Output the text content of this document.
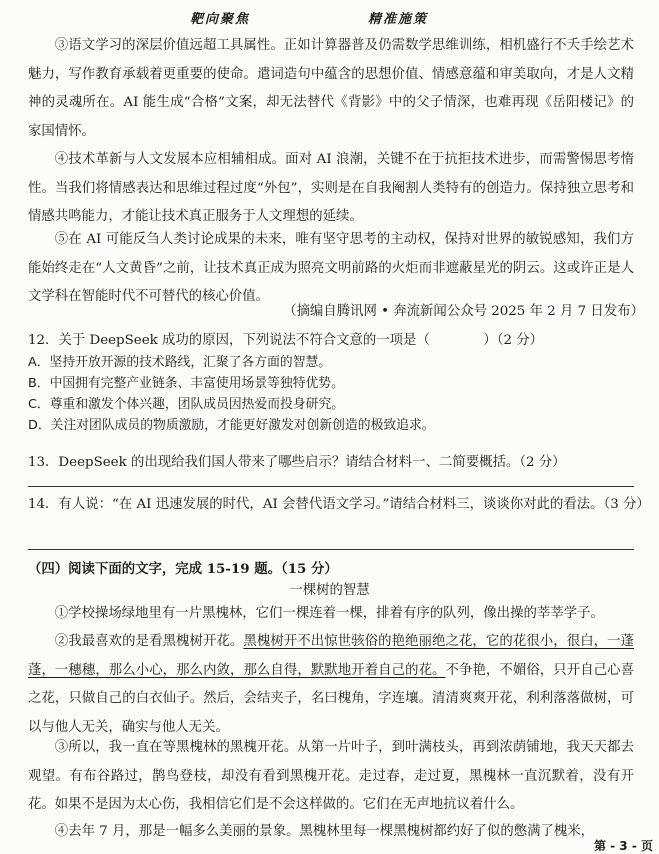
靶向聚焦	精准施策

③语文学习的深层价值远超工具属性。正如计算器普及仍需数学思维训练，相机盛行不夭手绘艺术魅力，写作教育承载着更重要的使命。遣词造句中蕴含的思想价值、情感意蕴和审美取向，才是人文精神的灵魂所在。AI 能生成“合格”文案，却无法替代《背影》中的父子情深，也难再现《岳阳楼记》的家国情怀。

④技术革新与人文发展本应相辅相成。面对 AI 浪潮，关键不在于抗拒技术进步，而需警惕思考惰性。当我们将情感表达和思维过程过度“外包”，实则是在自我阉割人类特有的创造力。保持独立思考和情感共鸣能力，才能让技术真正服务于人文理想的延续。

⑤在 AI 可能反刍人类讨论成果的未来，唯有坚守思考的主动权，保持对世界的敏锐感知，我们方能始终走在“人文黄昏”之前，让技术真正成为照亮文明前路的火炬而非遮蔽星光的阴云。这或许正是人文学科在智能时代不可替代的核心价值。

（摘编自腾讯网 • 奔流新闻公众号 2025 年 2 月 7 日发布）
12．关于 DeepSeek 成功的原因，下列说法不符合文意的一项是（　　　　）（2 分）
A．坚持开放开源的技术路线，汇聚了各方面的智慧。
B．中国拥有完整产业链条、丰富使用场景等独特优势。
C．尊重和激发个体兴趣，团队成员因热爱而投身研究。
D．关注对团队成员的物质激励，才能更好激发对创新创造的极致追求。
13．DeepSeek 的出现给我们国人带来了哪些启示？请结合材料一、二简要概括。（2 分）
14．有人说：“在 AI 迅速发展的时代，AI 会替代语文学习。”请结合材料三，谈谈你对此的看法。（3 分）
（四）阅读下面的文字，完成 15-19 题。（15 分）
一棵树的智慧

①学校操场绿地里有一片黑槐林，它们一棵连着一棵，排着有序的队列，像出操的莘莘学子。

②我最喜欢的是看黑槐树开花。黑槐树开不出惊世骇俗的艳绝丽绝之花，它的花很小，很白，一蓬蓬，一穗穗，那么小心，那么内敛，那么自得，默默地开着自己的花。不争艳，不媚俗，只开自己心喜之花，只做自己的白衣仙子。然后，会结夹子，名曰槐角，字连壤。清清爽爽开花，利利落落做树，可以与他人无关，确实与他人无关。

③所以，我一直在等黑槐林的黑槐开花。从第一片叶子，到叶满枝头，再到浓荫铺地，我天天都去观望。有布谷路过，鹊鸟登枝，却没有看到黑槐开花。走过春，走过夏，黑槐林一直沉默着，没有开花。如果不是因为太心伤，我相信它们是不会这样做的。它们在无声地抗议着什么。

④去年 7 月，那是一幅多么美丽的景象。黑槐林里每一棵黑槐树都约好了似的憋满了槐米，

第 - 3 - 页
